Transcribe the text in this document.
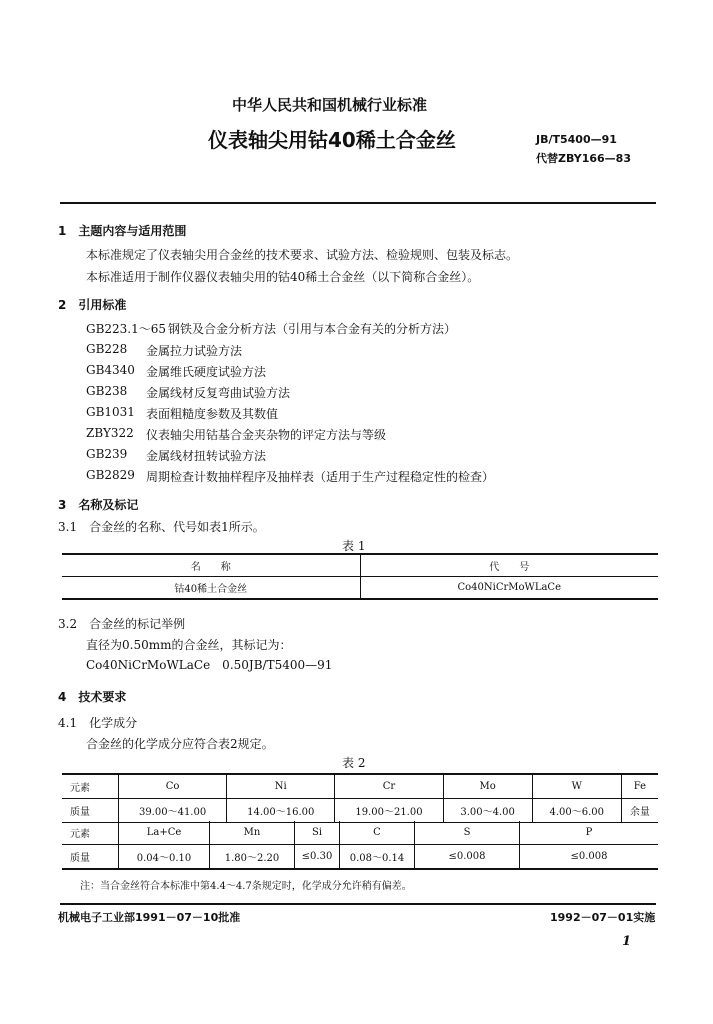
中华人民共和国机械行业标准
仪表轴尖用钴40稀土合金丝	JB/T5400—91
代替ZBY166—83
1　主题内容与适用范围
本标准规定了仪表轴尖用合金丝的技术要求、试验方法、检验规则、包装及标志。
本标准适用于制作仪器仪表轴尖用的钴40稀土合金丝（以下简称合金丝）。
2　引用标准
GB223.1～65 钢铁及合金分析方法（引用与本合金有关的分析方法）
GB228 金属拉力试验方法
GB4340 金属维氏硬度试验方法
GB238 金属线材反复弯曲试验方法
GB1031 表面粗糙度参数及其数值
ZBY322 仪表轴尖用钴基合金夹杂物的评定方法与等级
GB239 金属线材扭转试验方法
GB2829 周期检查计数抽样程序及抽样表（适用于生产过程稳定性的检查）
3　名称及标记
3.1　合金丝的名称、代号如表1所示。
表 1
名　　称	代　　号
钴40稀土合金丝	Co40NiCrMoWLaCe
3.2　合金丝的标记举例
直径为0.50mm的合金丝，其标记为：
Co40NiCrMoWLaCe　0.50JB/T5400—91
4　技术要求
4.1　化学成分
合金丝的化学成分应符合表2规定。
表 2
元素	Co	Ni	Cr	Mo	W	Fe
质量	39.00～41.00	14.00～16.00	19.00～21.00	3.00～4.00	4.00～6.00	余量
元素	La+Ce	Mn	Si	C	S	P
质量	0.04～0.10	1.80～2.20	≤0.30	0.08～0.14	≤0.008	≤0.008
注：当合金丝符合本标准中第4.4～4.7条规定时，化学成分允许稍有偏差。
机械电子工业部1991－07－10批准	1992－07－01实施
1
